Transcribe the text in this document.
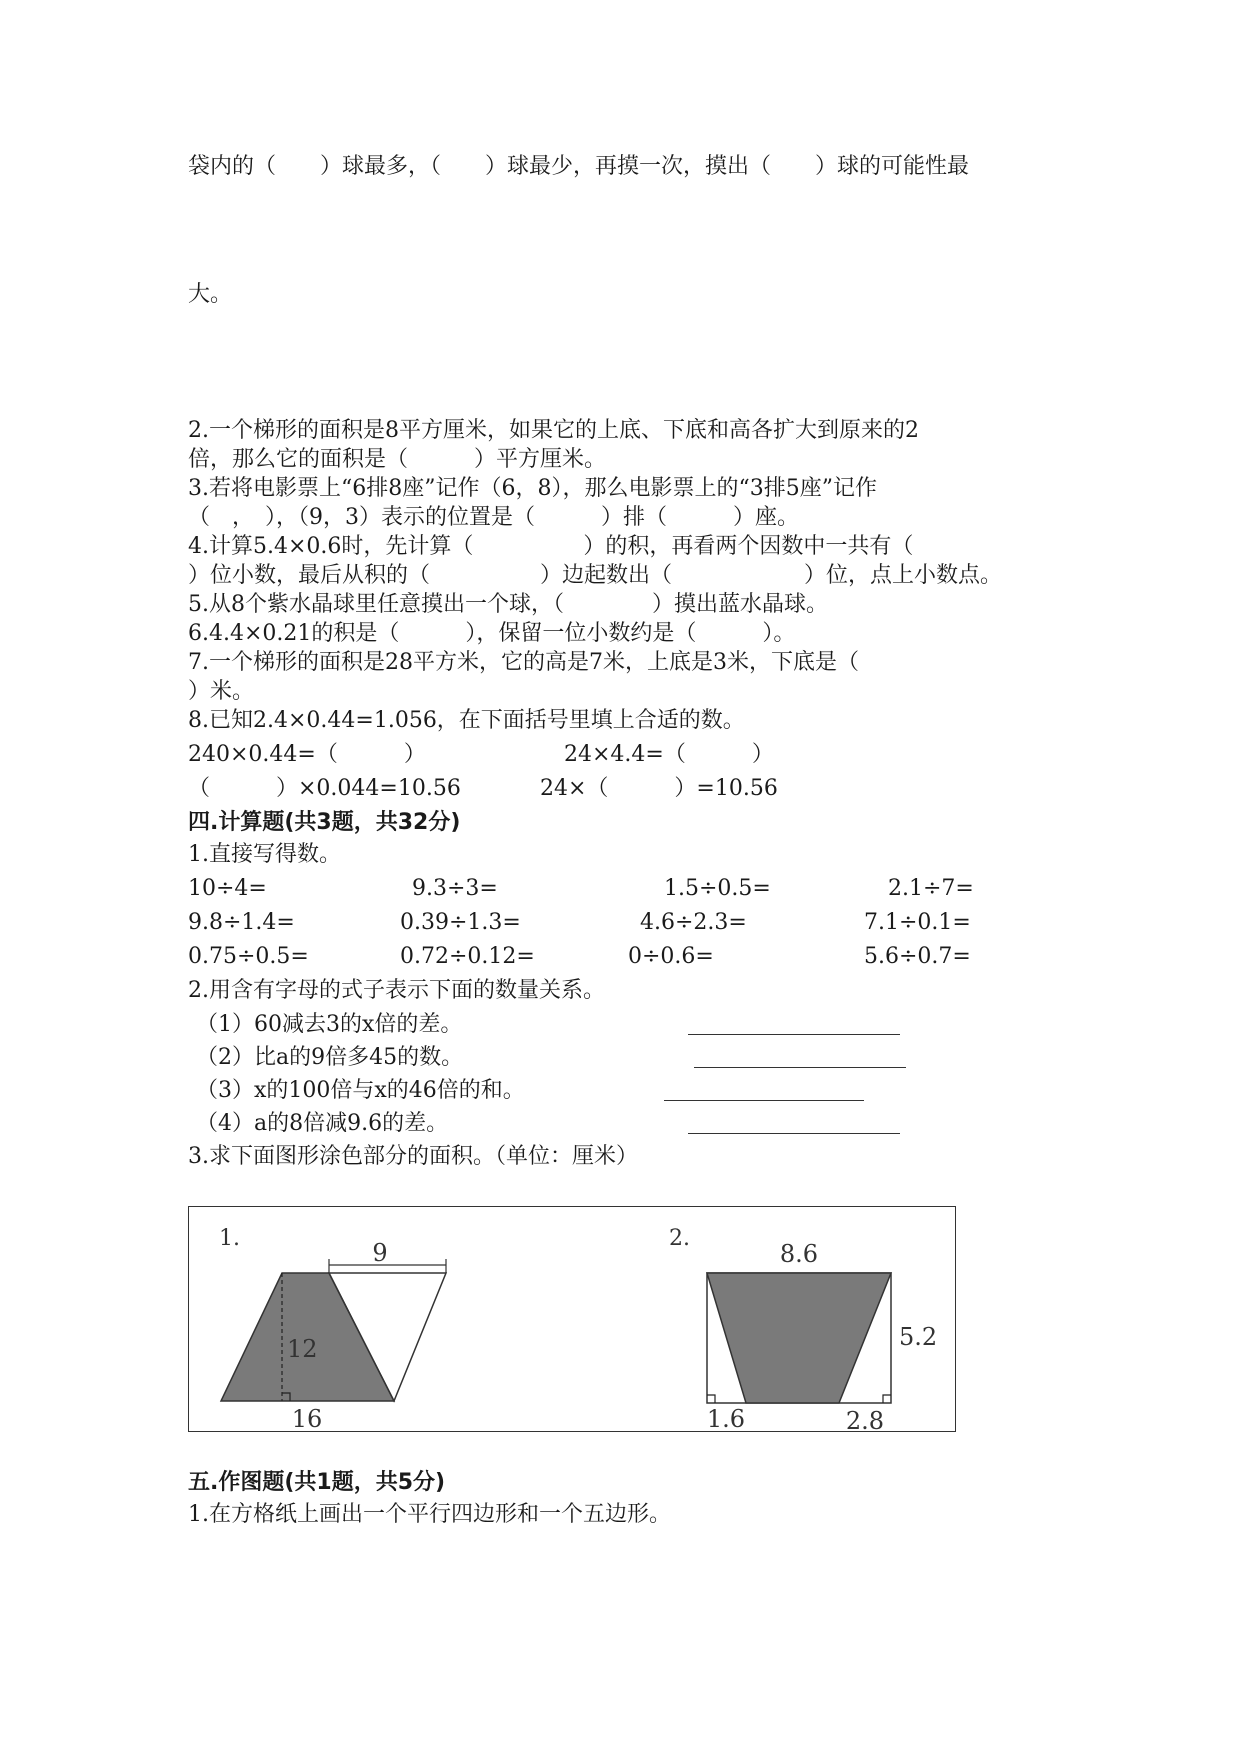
袋内的（　　）球最多，（　　）球最少，再摸一次，摸出（　　）球的可能性最
大。
2.一个梯形的面积是8平方厘米，如果它的上底、下底和高各扩大到原来的2
倍，那么它的面积是（　　　）平方厘米。
3.若将电影票上“6排8座”记作（6，8），那么电影票上的“3排5座”记作
（　，　），（9，3）表示的位置是（　　　）排（　　　）座。
4.计算5.4×0.6时，先计算（　　　　　）的积，再看两个因数中一共有（
）位小数，最后从积的（　　　　　）边起数出（　　　　　　）位，点上小数点。
5.从8个紫水晶球里任意摸出一个球，（　　　　）摸出蓝水晶球。
6.4.4×0.21的积是（　　　），保留一位小数约是（　　　）。
7.一个梯形的面积是28平方米，它的高是7米，上底是3米，下底是（
）米。
8.已知2.4×0.44=1.056，在下面括号里填上合适的数。
240×0.44=（　　　）	24×4.4=（　　　）
（　　　）×0.044=10.56	24×（　　　）=10.56
四.计算题(共3题，共32分)
1.直接写得数。
10÷4=	9.3÷3=	1.5÷0.5=	2.1÷7=
9.8÷1.4=	0.39÷1.3=	4.6÷2.3=	7.1÷0.1=
0.75÷0.5=	0.72÷0.12=	0÷0.6=	5.6÷0.7=
2.用含有字母的式子表示下面的数量关系。
（1）60减去3的x倍的差。
（2）比a的9倍多45的数。
（3）x的100倍与x的46倍的和。
（4）a的8倍减9.6的差。
3.求下面图形涂色部分的面积。（单位：厘米）
1.
9
12
16
2.
8.6
5.2
1.6	2.8
五.作图题(共1题，共5分)
1.在方格纸上画出一个平行四边形和一个五边形。
